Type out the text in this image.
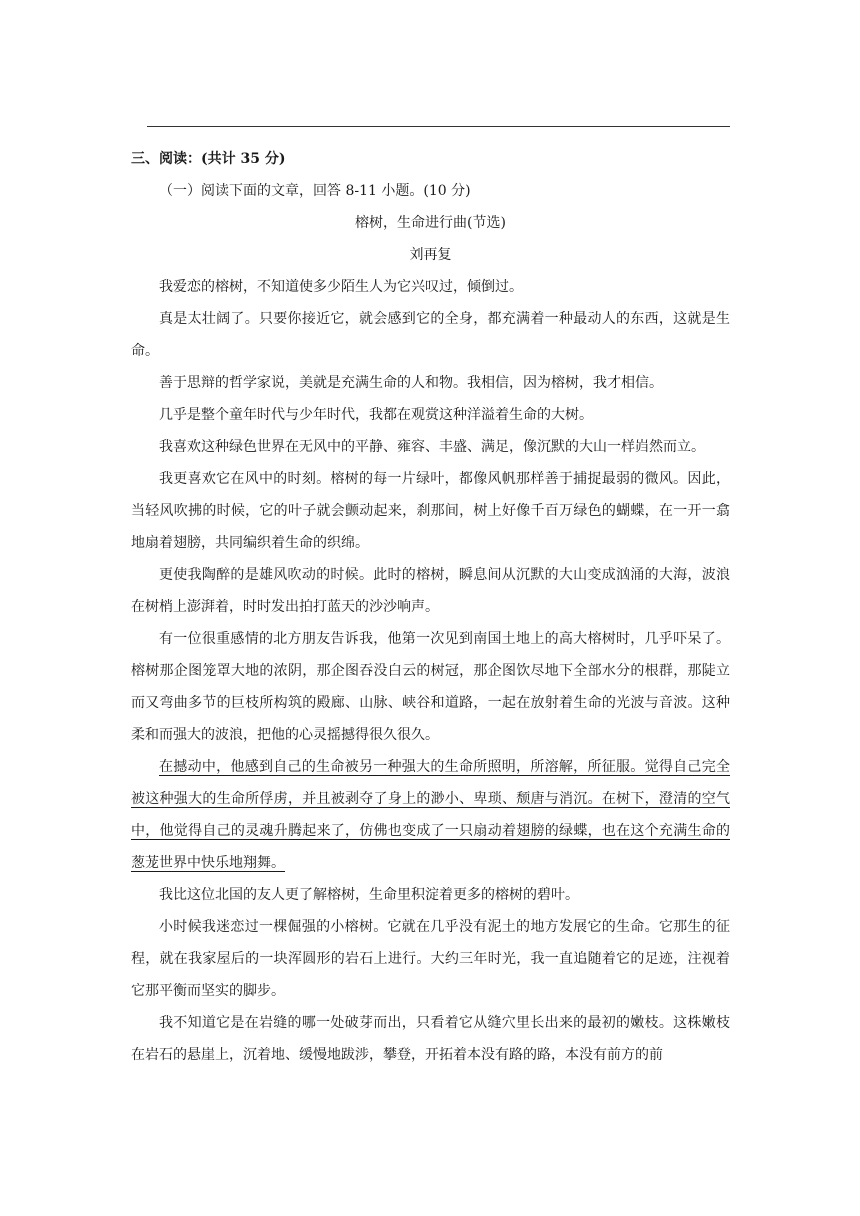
三、阅读：(共计 35 分)

（一）阅读下面的文章，回答 8-11 小题。(10 分)

榕树，生命进行曲(节选)

刘再复

我爱恋的榕树，不知道使多少陌生人为它兴叹过，倾倒过。

真是太壮阔了。只要你接近它，就会感到它的全身，都充满着一种最动人的东西，这就是生命。

善于思辩的哲学家说，美就是充满生命的人和物。我相信，因为榕树，我才相信。

几乎是整个童年时代与少年时代，我都在观赏这种洋溢着生命的大树。

我喜欢这种绿色世界在无风中的平静、雍容、丰盛、满足，像沉默的大山一样岿然而立。

我更喜欢它在风中的时刻。榕树的每一片绿叶，都像风帆那样善于捕捉最弱的微风。因此，当轻风吹拂的时候，它的叶子就会颤动起来，刹那间，树上好像千百万绿色的蝴蝶，在一开一翕地扇着翅膀，共同编织着生命的织绵。

更使我陶醉的是雄风吹动的时候。此时的榕树，瞬息间从沉默的大山变成汹涌的大海，波浪在树梢上澎湃着，时时发出拍打蓝天的沙沙响声。

有一位很重感情的北方朋友告诉我，他第一次见到南国土地上的高大榕树时，几乎吓呆了。榕树那企图笼罩大地的浓阴，那企图吞没白云的树冠，那企图饮尽地下全部水分的根群，那陡立而又弯曲多节的巨枝所构筑的殿廊、山脉、峡谷和道路，一起在放射着生命的光波与音波。这种柔和而强大的波浪，把他的心灵摇撼得很久很久。

在撼动中，他感到自己的生命被另一种强大的生命所照明，所溶解，所征服。觉得自己完全被这种强大的生命所俘虏，并且被剥夺了身上的渺小、卑琐、颓唐与消沉。在树下，澄清的空气中，他觉得自己的灵魂升腾起来了，仿佛也变成了一只扇动着翅膀的绿蝶，也在这个充满生命的葱茏世界中快乐地翔舞。

我比这位北国的友人更了解榕树，生命里积淀着更多的榕树的碧叶。

小时候我迷恋过一棵倔强的小榕树。它就在几乎没有泥土的地方发展它的生命。它那生的征程，就在我家屋后的一块浑圆形的岩石上进行。大约三年时光，我一直追随着它的足迹，注视着它那平衡而坚实的脚步。

我不知道它是在岩缝的哪一处破芽而出，只看着它从缝穴里长出来的最初的嫩枝。这株嫩枝在岩石的悬崖上，沉着地、缓慢地跋涉，攀登，开拓着本没有路的路，本没有前方的前
